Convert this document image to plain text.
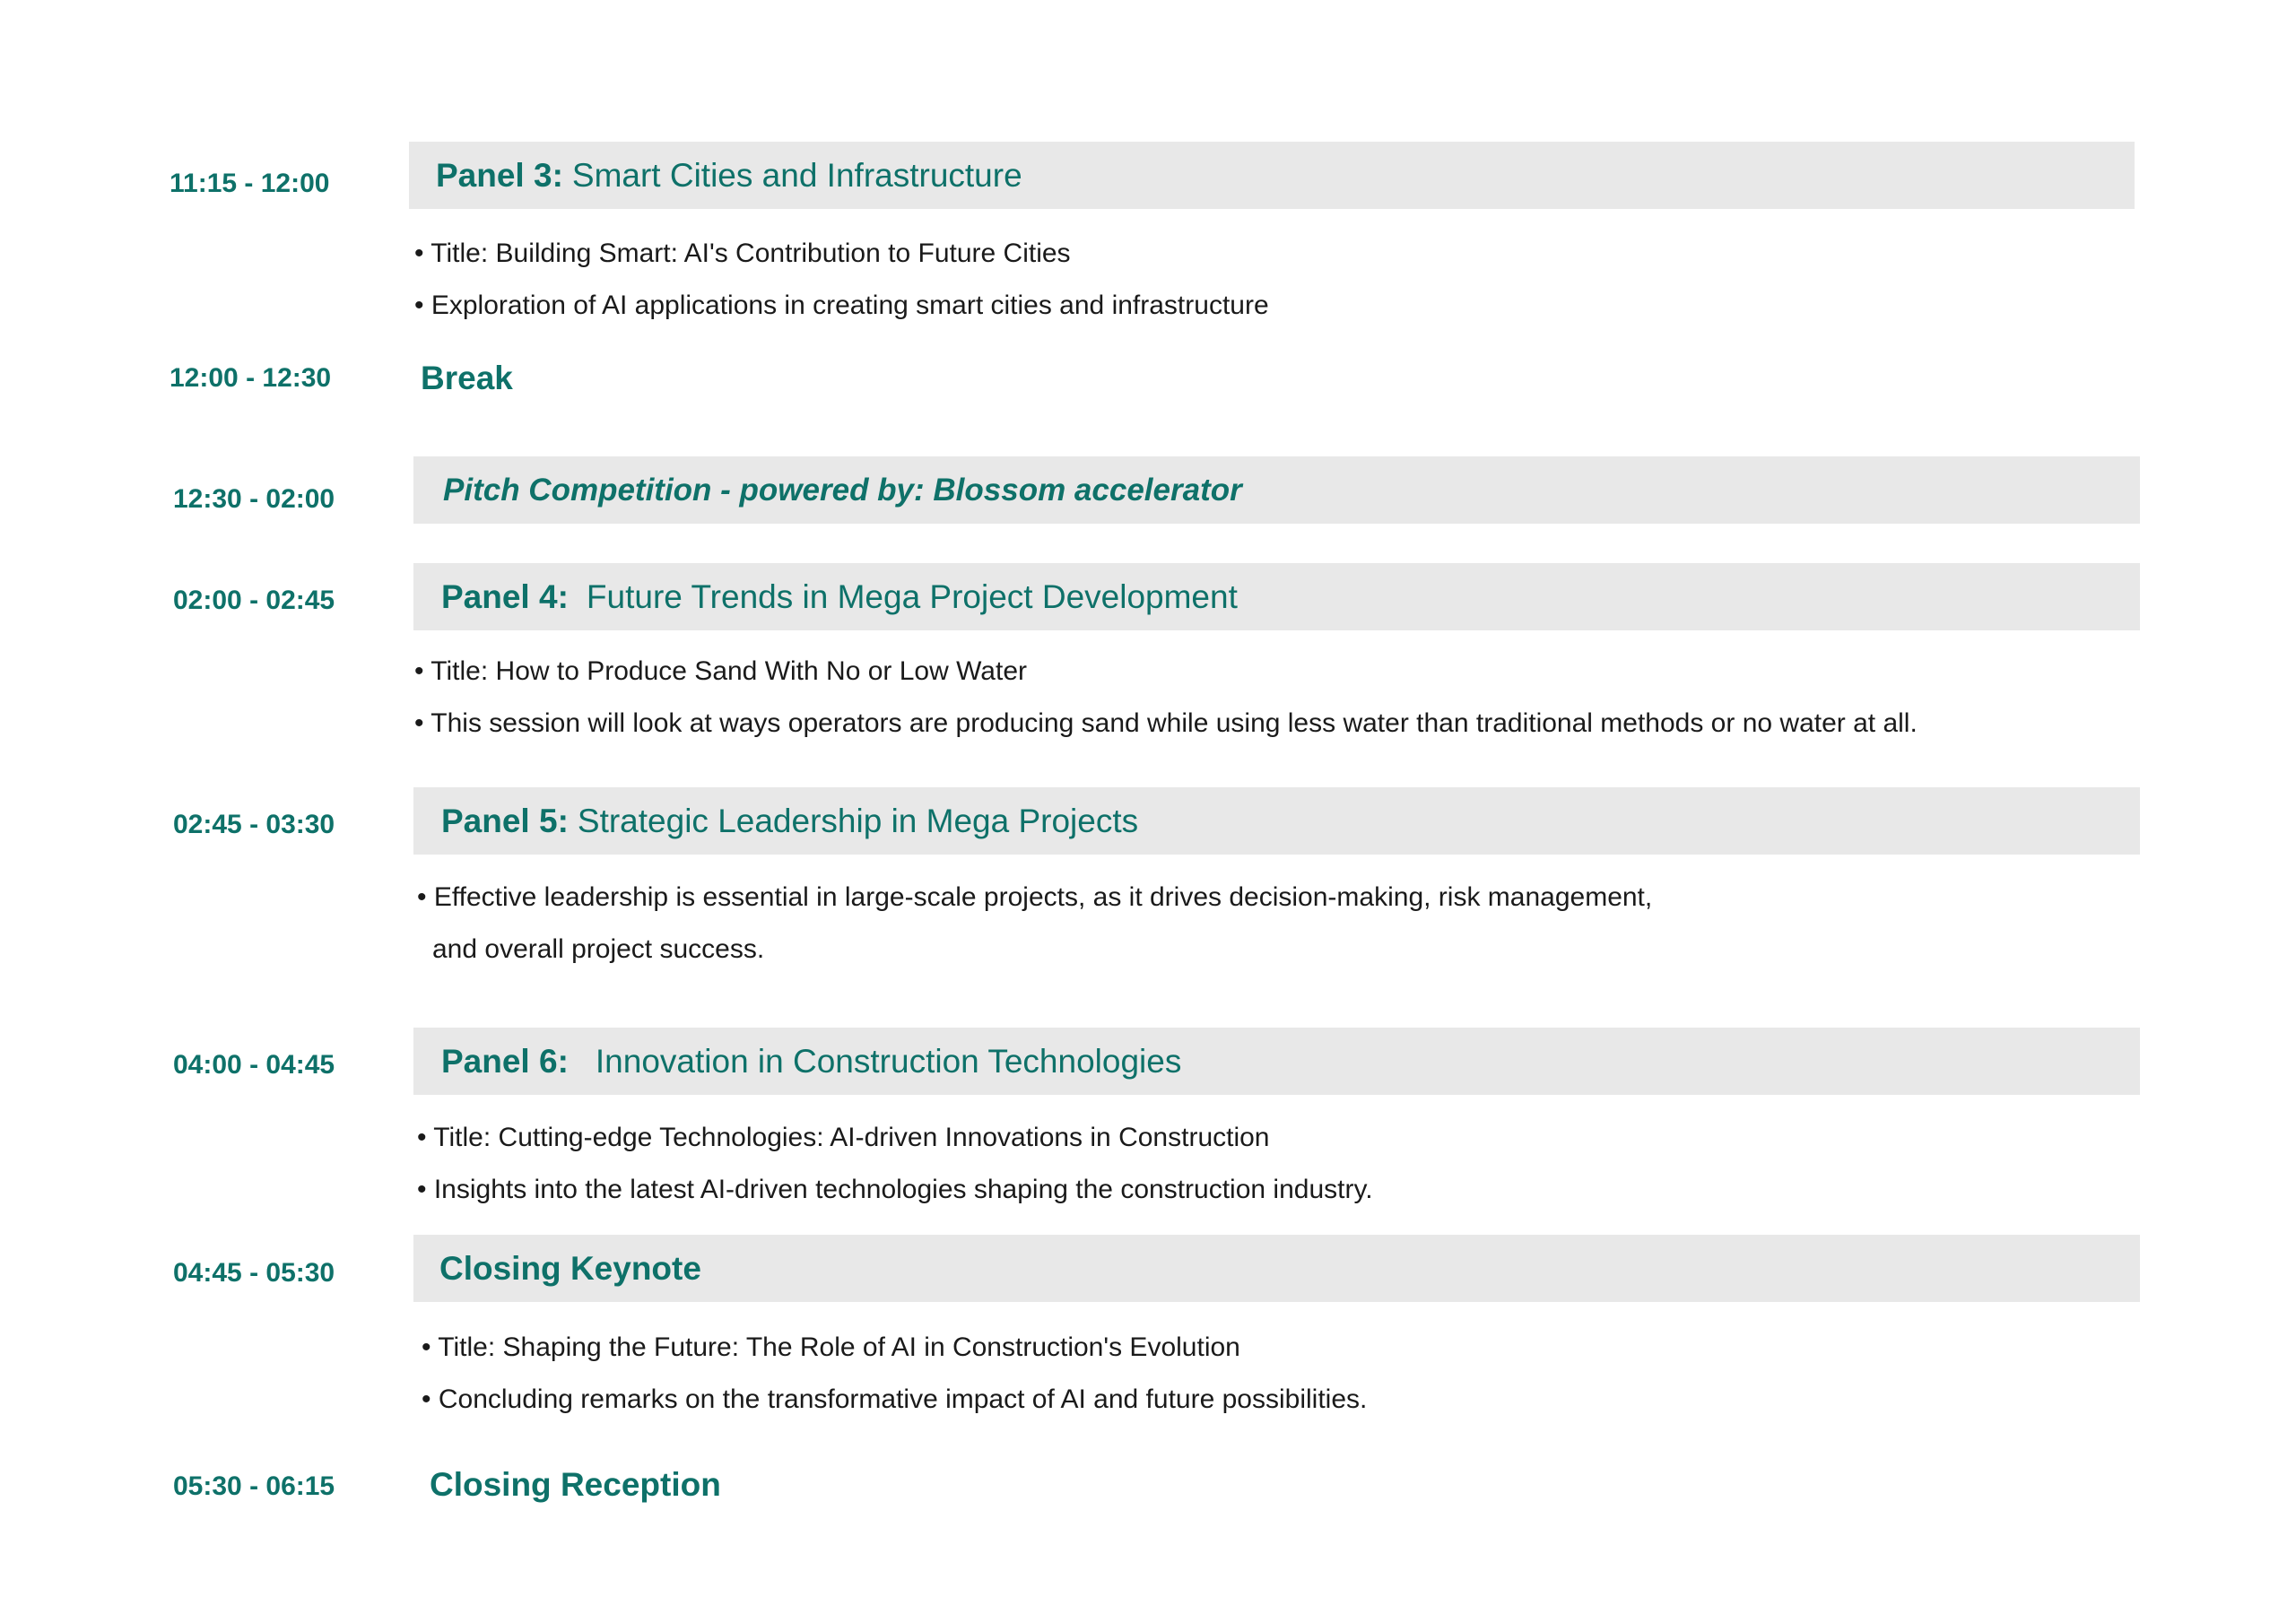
11:15 - 12:00	Panel 3: Smart Cities and Infrastructure
• Title: Building Smart: AI's Contribution to Future Cities
• Exploration of AI applications in creating smart cities and infrastructure
12:00 - 12:30	Break
12:30 - 02:00	Pitch Competition - powered by: Blossom accelerator
02:00 - 02:45	Panel 4: Future Trends in Mega Project Development
• Title: How to Produce Sand With No or Low Water
• This session will look at ways operators are producing sand while using less water than traditional methods or no water at all.
02:45 - 03:30	Panel 5: Strategic Leadership in Mega Projects
• Effective leadership is essential in large-scale projects, as it drives decision-making, risk management,
and overall project success.
04:00 - 04:45	Panel 6: Innovation in Construction Technologies
• Title: Cutting-edge Technologies: AI-driven Innovations in Construction
• Insights into the latest AI-driven technologies shaping the construction industry.
04:45 - 05:30	Closing Keynote
• Title: Shaping the Future: The Role of AI in Construction's Evolution
• Concluding remarks on the transformative impact of AI and future possibilities.
05:30 - 06:15	Closing Reception
